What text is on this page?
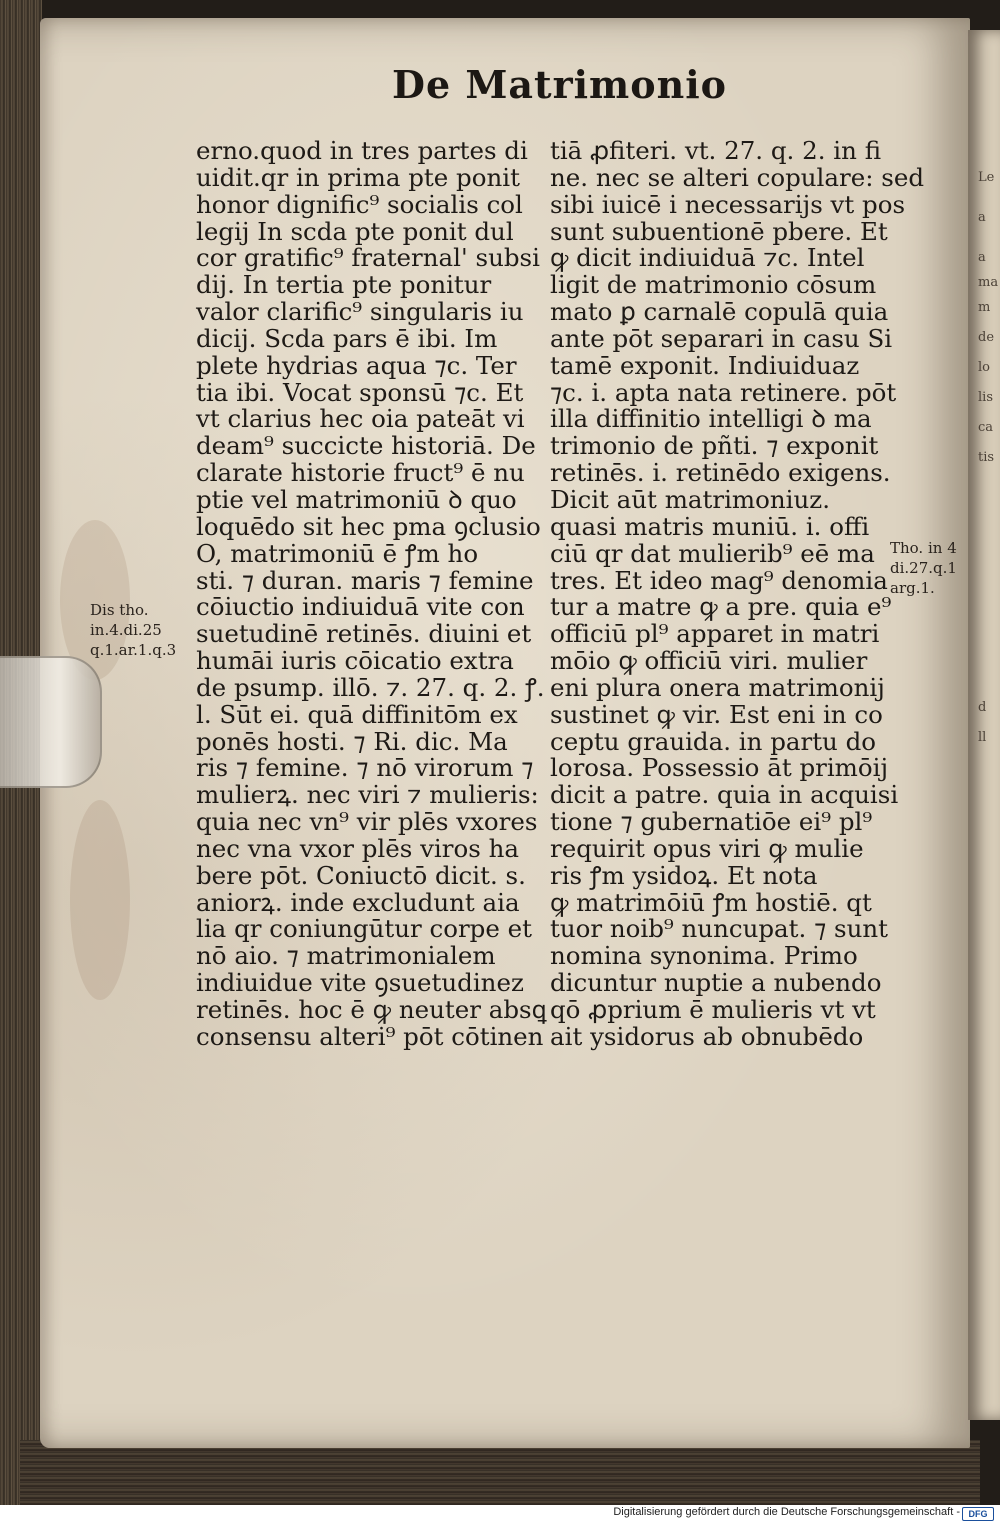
Le
a
a
ma
m
de
lo
lis
ca
tis
d
ll
De Matrimonio
erno.quod in tres partes di
uidit.qr in prima pte ponit
honor dignific⁹ socialis col
legij In scda pte ponit dul
cor gratific⁹ fraternal' subsi
dij. In tertia pte ponitur
valor clarific⁹ singularis iu
dicij. Scda pars ē ibi. Im
plete hydrias aqua ⁊c. Ter
tia ibi. Vocat sponsū ⁊c. Et
vt clarius hec oia pateāt vi
deam⁹ succicte historiā. De
clarate historie fruct⁹ ē nu
ptie vel matrimoniū ꝺ quo
loquēdo sit hec pma ꝯclusio
O, matrimoniū ē ꝭm ho
sti. ⁊ duran. maris ⁊ femine
cōiuctio indiuiduā vite con
suetudinē retinēs. diuini et
humāi iuris cōicatio extra
de psump. illō. ⁊. 27. q. 2. ꝭ.
l. Sūt ei. quā diffinitōm ex
ponēs hosti. ⁊ Ri. dic. Ma
ris ⁊ femine. ⁊ nō virorum ⁊
mulierꝝ. nec viri ⁊ mulieris:
quia nec vn⁹ vir plēs vxores
nec vna vxor plēs viros ha
bere pōt. Coniuctō dicit. s.
aniorꝝ. inde excludunt aia
lia qr coniungūtur corpe et
nō aio. ⁊ matrimonialem
indiuidue vite ꝯsuetudinez
retinēs. hoc ē ꝙ neuter absꝗ
consensu alteri⁹ pōt cōtinen
tiā ꝓfiteri. vt. 27. q. 2. in fi
ne. nec se alteri copulare: sed
sibi iuicē i necessarijs vt pos
sunt subuentionē pbere. Et
ꝙ dicit indiuiduā ⁊c. Intel
ligit de matrimonio cōsum
mato ꝑ carnalē copulā quia
ante pōt separari in casu Si
tamē exponit. Indiuiduaz
⁊c. i. apta nata retinere. pōt
illa diffinitio intelligi ꝺ ma
trimonio de pñti. ⁊ exponit
retinēs. i. retinēdo exigens.
Dicit aūt matrimoniuz.
quasi matris muniū. i. offi
ciū qr dat mulierib⁹ eē ma
tres. Et ideo mag⁹ denomia
tur a matre ꝙ a pre. quia e⁹
officiū pl⁹ apparet in matri
mōio ꝙ officiū viri. mulier
eni plura onera matrimonij
sustinet ꝙ vir. Est eni in co
ceptu grauida. in partu do
lorosa. Possessio āt primōij
dicit a patre. quia in acquisi
tione ⁊ gubernatiōe ei⁹ pl⁹
requirit opus viri ꝙ mulie
ris ꝭm ysidoꝝ. Et nota
ꝙ matrimōiū ꝭm hostiē. qt
tuor noib⁹ nuncupat. ⁊ sunt
nomina synonima. Primo
dicuntur nuptie a nubendo
qō ꝓprium ē mulieris vt vt
ait ysidorus ab obnubēdo
Dis tho.
in.4.di.25
q.1.ar.1.q.3
Tho. in 4
di.27.q.1
arg.1.
Digitalisierung gefördert durch die Deutsche Forschungsgemeinschaft - DFG
